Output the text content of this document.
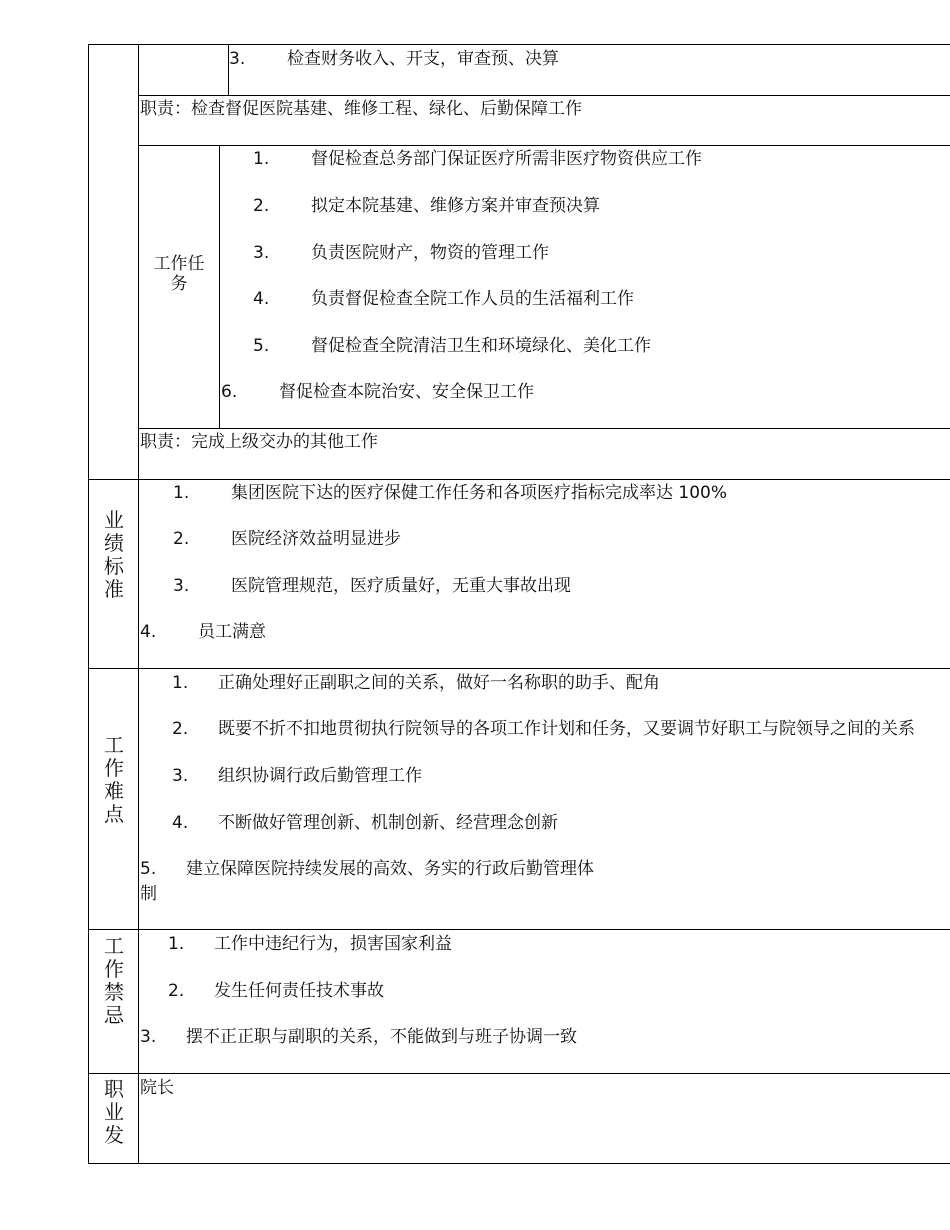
3. 检查财务收入、开支，审查预、决算
职责：检查督促医院基建、维修工程、绿化、后勤保障工作
工作任
务
1. 督促检查总务部门保证医疗所需非医疗物资供应工作
2. 拟定本院基建、维修方案并审查预决算
3. 负责医院财产，物资的管理工作
4. 负责督促检查全院工作人员的生活福利工作
5. 督促检查全院清洁卫生和环境绿化、美化工作
6. 督促检查本院治安、安全保卫工作
职责：完成上级交办的其他工作
业
绩
标
准
1. 集团医院下达的医疗保健工作任务和各项医疗指标完成率达 100%
2. 医院经济效益明显进步
3. 医院管理规范，医疗质量好，无重大事故出现
4. 员工满意
工
作
难
点
1. 正确处理好正副职之间的关系，做好一名称职的助手、配角
2. 既要不折不扣地贯彻执行院领导的各项工作计划和任务，又要调节好职工与院领导之间的关系
3. 组织协调行政后勤管理工作
4. 不断做好管理创新、机制创新、经营理念创新
5. 建立保障医院持续发展的高效、务实的行政后勤管理体
制
工
作
禁
忌
1. 工作中违纪行为，损害国家利益
2. 发生任何责任技术事故
3. 摆不正正职与副职的关系，不能做到与班子协调一致
职
业
发
院长
